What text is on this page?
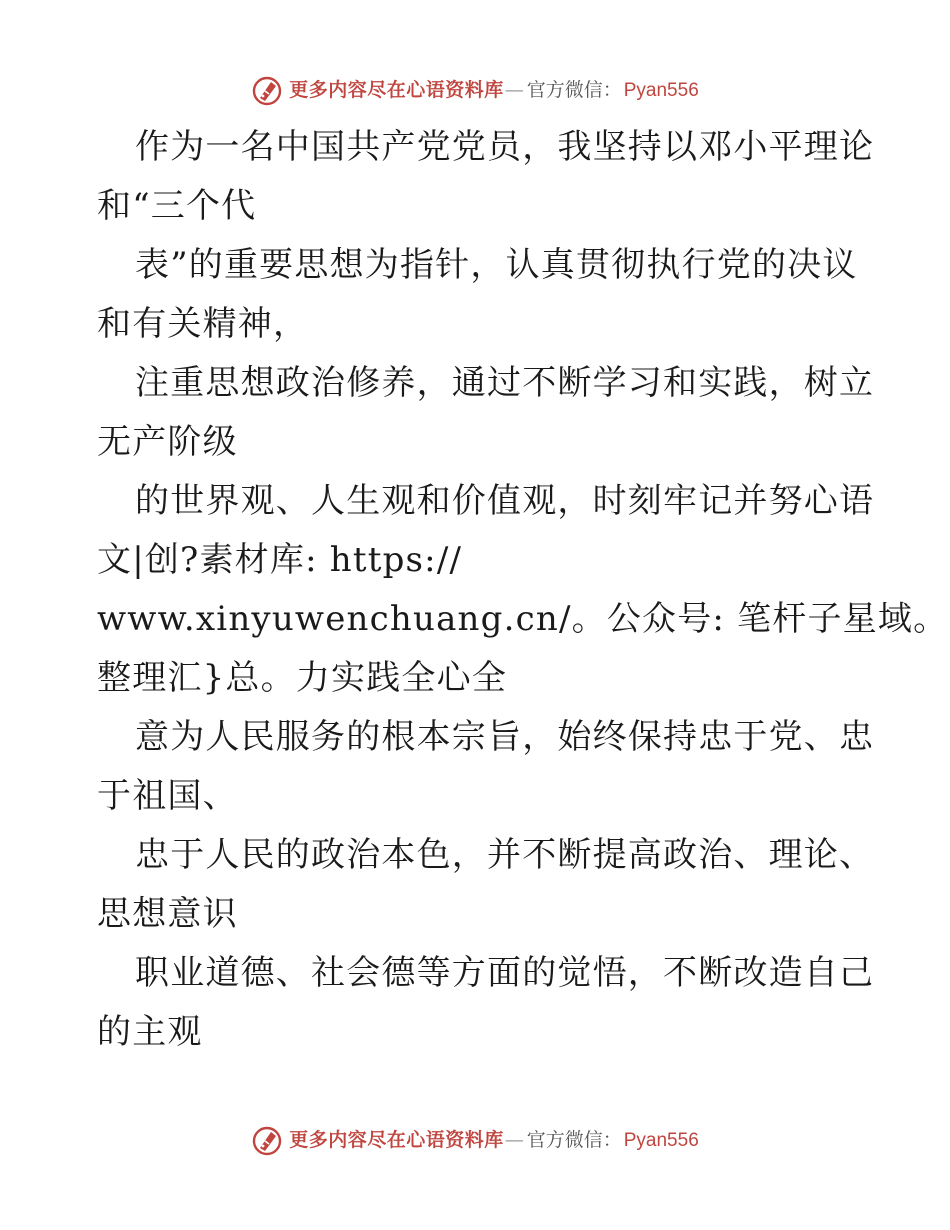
更多内容尽在心语资料库 — 官方微信： Pyan556
作为一名中国共产党党员，我坚持以邓小平理论
和“三个代
表”的重要思想为指针，认真贯彻执行党的决议
和有关精神，
注重思想政治修养，通过不断学习和实践，树立
无产阶级
的世界观、人生观和价值观，时刻牢记并努心语
文|创?素材库: https://
www.xinyuwenchuang.cn/。公众号: 笔杆子星域。
整理汇}总。力实践全心全
意为人民服务的根本宗旨，始终保持忠于党、忠
于祖国、
忠于人民的政治本色，并不断提高政治、理论、
思想意识
职业道德、社会德等方面的觉悟，不断改造自己
的主观
更多内容尽在心语资料库 — 官方微信： Pyan556
